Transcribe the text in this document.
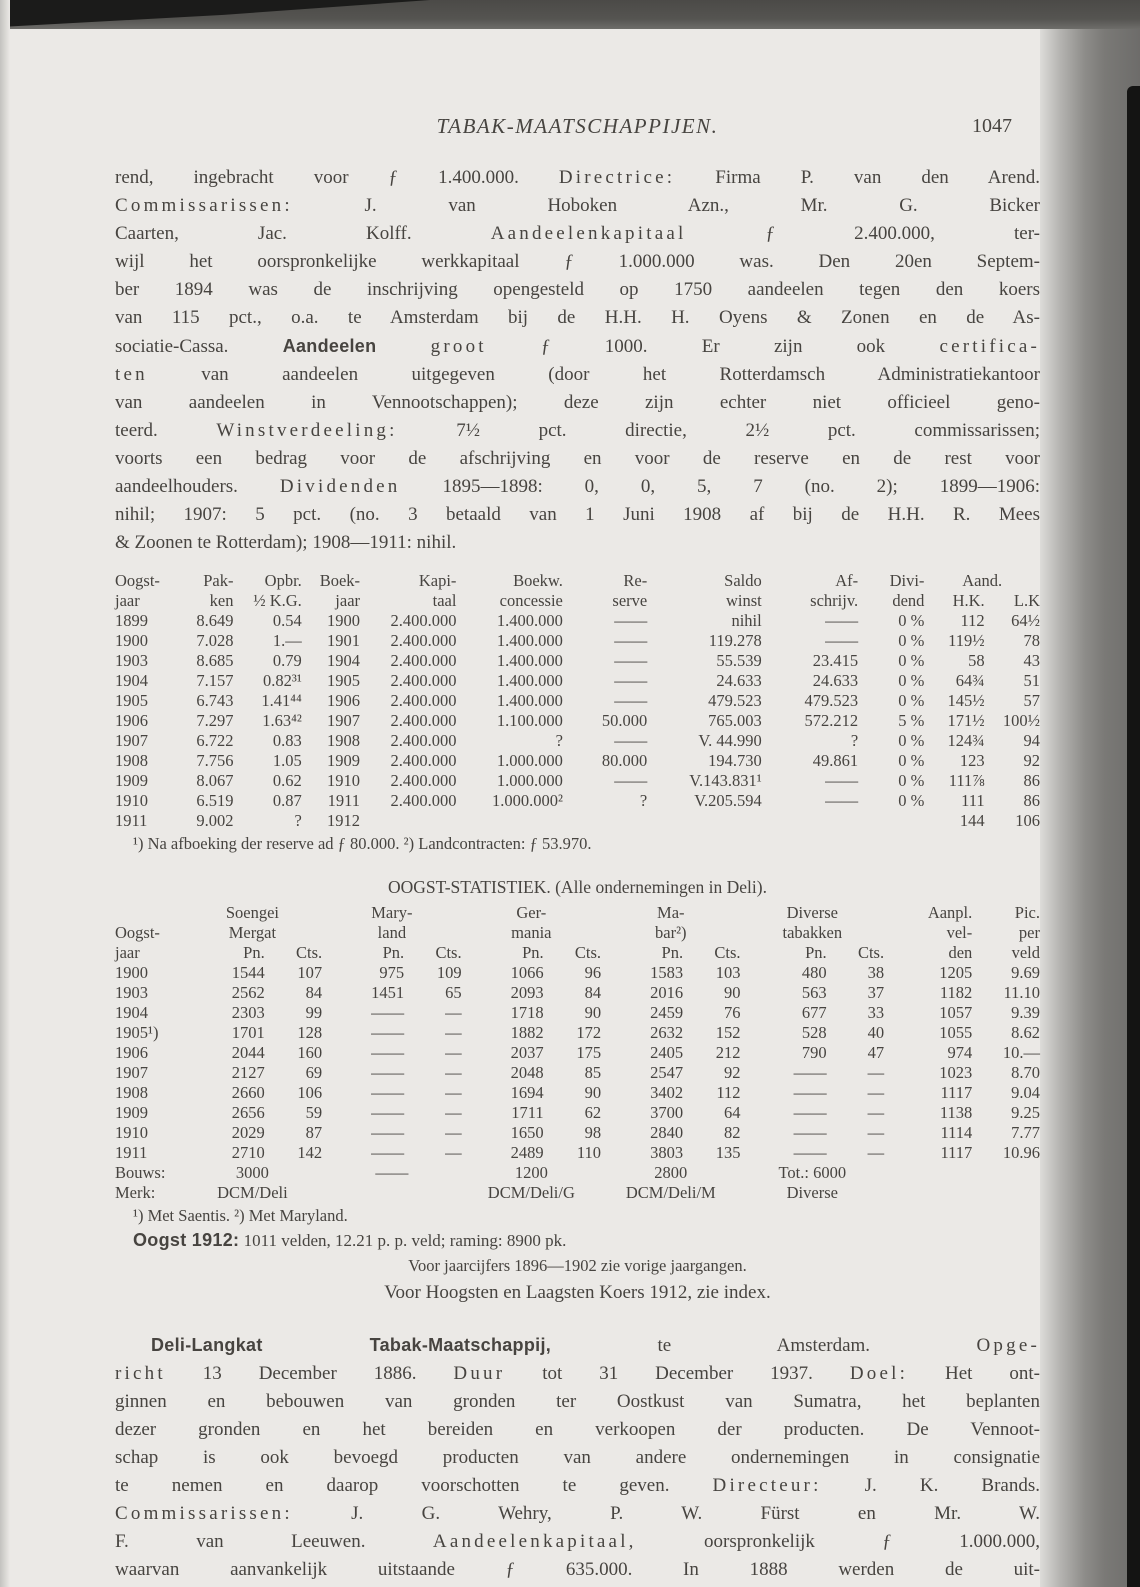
TABAK-MAATSCHAPPIJEN.	1047
rend, ingebracht voor ƒ 1.400.000. Directrice: Firma P. van den Arend.
Commissarissen: J. van Hoboken Azn., Mr. G. Bicker
Caarten, Jac. Kolff. Aandeelenkapitaal ƒ 2.400.000, ter-
wijl het oorspronkelijke werkkapitaal ƒ 1.000.000 was. Den 20en Septem-
ber 1894 was de inschrijving opengesteld op 1750 aandeelen tegen den koers
van 115 pct., o.a. te Amsterdam bij de H.H. H. Oyens & Zonen en de As-
sociatie-Cassa. Aandeelen	groot ƒ 1000. Er zijn ook certifica-
ten van aandeelen uitgegeven (door het Rotterdamsch Administratiekantoor
van aandeelen in Vennootschappen); deze zijn echter niet officieel geno-
teerd. Winstverdeeling: 7½ pct. directie, 2½ pct. commissarissen;
voorts een bedrag voor de afschrijving en voor de reserve en de rest voor
aandeelhouders. Dividenden 1895—1898: 0, 0, 5, 7 (no. 2); 1899—1906:
nihil; 1907: 5 pct. (no. 3 betaald van 1 Juni 1908 af bij de H.H. R. Mees
& Zoonen te Rotterdam); 1908—1911: nihil.
Oogst-	Pak-	Opbr.	Boek-	Kapi-	Boekw.	Re-	Saldo	Af-	Divi-	Aand.	
jaar	ken	½ K.G.	jaar	taal	concessie	serve	winst	schrijv.	dend	H.K.	L.K
1899	8.649	0.54	1900	2.400.000	1.400.000	——	nihil	——	0 %	112	64½
1900	7.028	1.—	1901	2.400.000	1.400.000	——	119.278	——	0 %	119½	78
1903	8.685	0.79	1904	2.400.000	1.400.000	——	55.539	23.415	0 %	58	43
1904	7.157	0.82³¹	1905	2.400.000	1.400.000	——	24.633	24.633	0 %	64¾	51
1905	6.743	1.41⁴⁴	1906	2.400.000	1.400.000	——	479.523	479.523	0 %	145½	57
1906	7.297	1.63⁴²	1907	2.400.000	1.100.000	50.000	765.003	572.212	5 %	171½	100½
1907	6.722	0.83	1908	2.400.000	?	——	V. 44.990	?	0 %	124¾	94
1908	7.756	1.05	1909	2.400.000	1.000.000	80.000	194.730	49.861	0 %	123	92
1909	8.067	0.62	1910	2.400.000	1.000.000	——	V.143.831¹	——	0 %	111⅞	86
1910	6.519	0.87	1911	2.400.000	1.000.000²	?	V.205.594	——	0 %	111	86
1911	9.002	?	1912							144	106
¹) Na afboeking der reserve ad ƒ 80.000. ²) Landcontracten: ƒ 53.970.
OOGST-STATISTIEK. (Alle ondernemingen in Deli).
	Soengei		Mary-		Ger-		Ma-		Diverse		Aanpl.	Pic.
Oogst-	Mergat		land		mania		bar²)		tabakken		vel-	per
jaar	Pn.	Cts.	Pn.	Cts.	Pn.	Cts.	Pn.	Cts.	Pn.	Cts.	den	veld
1900	1544	107	975	109	1066	96	1583	103	480	38	1205	9.69
1903	2562	84	1451	65	2093	84	2016	90	563	37	1182	11.10
1904	2303	99	——	—	1718	90	2459	76	677	33	1057	9.39
1905¹)	1701	128	——	—	1882	172	2632	152	528	40	1055	8.62
1906	2044	160	——	—	2037	175	2405	212	790	47	974	10.—
1907	2127	69	——	—	2048	85	2547	92	——	—	1023	8.70
1908	2660	106	——	—	1694	90	3402	112	——	—	1117	9.04
1909	2656	59	——	—	1711	62	3700	64	——	—	1138	9.25
1910	2029	87	——	—	1650	98	2840	82	——	—	1114	7.77
1911	2710	142	——	—	2489	110	3803	135	——	—	1117	10.96
Bouws:	3000		——		1200		2800		Tot.: 6000			
Merk:	DCM/Deli				DCM/Deli/G		DCM/Deli/M		Diverse			
¹) Met Saentis. ²) Met Maryland.
Oogst 1912: 1011 velden, 12.21 p. p. veld; raming: 8900 pk.
Voor jaarcijfers 1896—1902 zie vorige jaargangen.
Voor Hoogsten en Laagsten Koers 1912, zie index.
Deli-Langkat Tabak-Maatschappij, te Amsterdam. Opge-
richt 13 December 1886. Duur tot 31 December 1937. Doel: Het ont-
ginnen en bebouwen van gronden ter Oostkust van Sumatra, het beplanten
dezer gronden en het bereiden en verkoopen der producten. De Vennoot-
schap is ook bevoegd producten van andere ondernemingen in consignatie
te nemen en daarop voorschotten te geven. Directeur: J. K. Brands.
Commissarissen: J. G. Wehry, P. W. Fürst en Mr. W.
F. van Leeuwen. Aandeelenkapitaal, oorspronkelijk ƒ 1.000.000,
waarvan aanvankelijk uitstaande ƒ 635.000. In 1888 werden de uit-
